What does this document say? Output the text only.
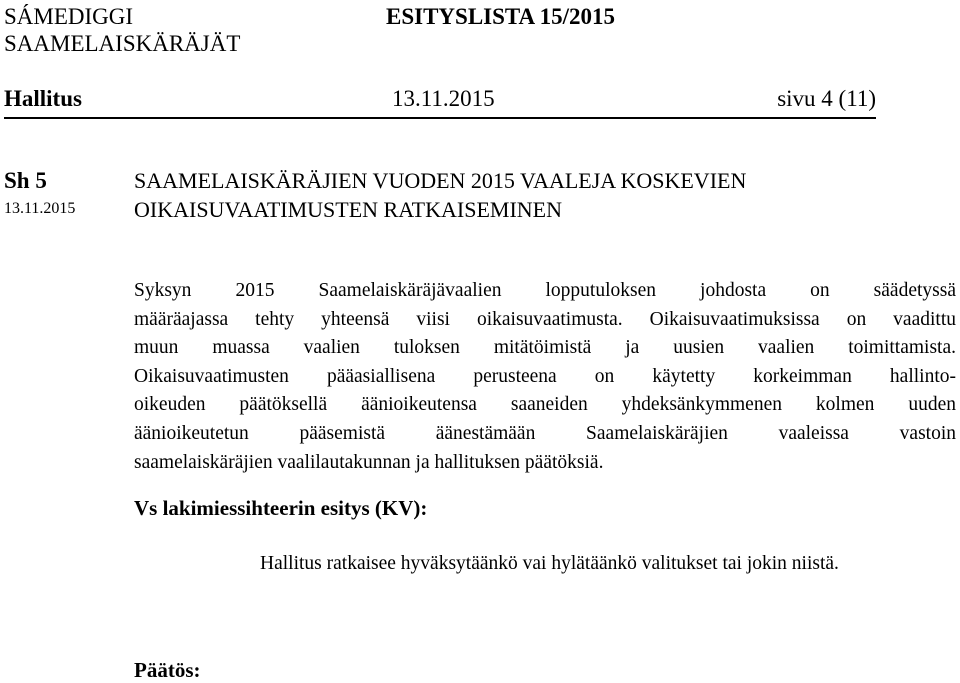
SÁMEDIGGI
SAAMELAISKÄRÄJÄT
ESITYSLISTA 15/2015
Hallitus	13.11.2015	sivu 4 (11)
Sh 5
13.11.2015
SAAMELAISKÄRÄJIEN VUODEN 2015 VAALEJA KOSKEVIEN
OIKAISUVAATIMUSTEN RATKAISEMINEN
Syksyn 2015 Saamelaiskäräjävaalien lopputuloksen johdosta on säädetyssä
määräajassa tehty yhteensä viisi oikaisuvaatimusta. Oikaisuvaatimuksissa on vaadittu
muun muassa vaalien tuloksen mitätöimistä ja uusien vaalien toimittamista.
Oikaisuvaatimusten pääasiallisena perusteena on käytetty korkeimman hallinto-
oikeuden päätöksellä äänioikeutensa saaneiden yhdeksänkymmenen kolmen uuden
äänioikeutetun pääsemistä äänestämään Saamelaiskäräjien vaaleissa vastoin
saamelaiskäräjien vaalilautakunnan ja hallituksen päätöksiä.
Vs lakimiessihteerin esitys (KV):
Hallitus ratkaisee hyväksytäänkö vai hylätäänkö valitukset tai jokin niistä.
Päätös:
